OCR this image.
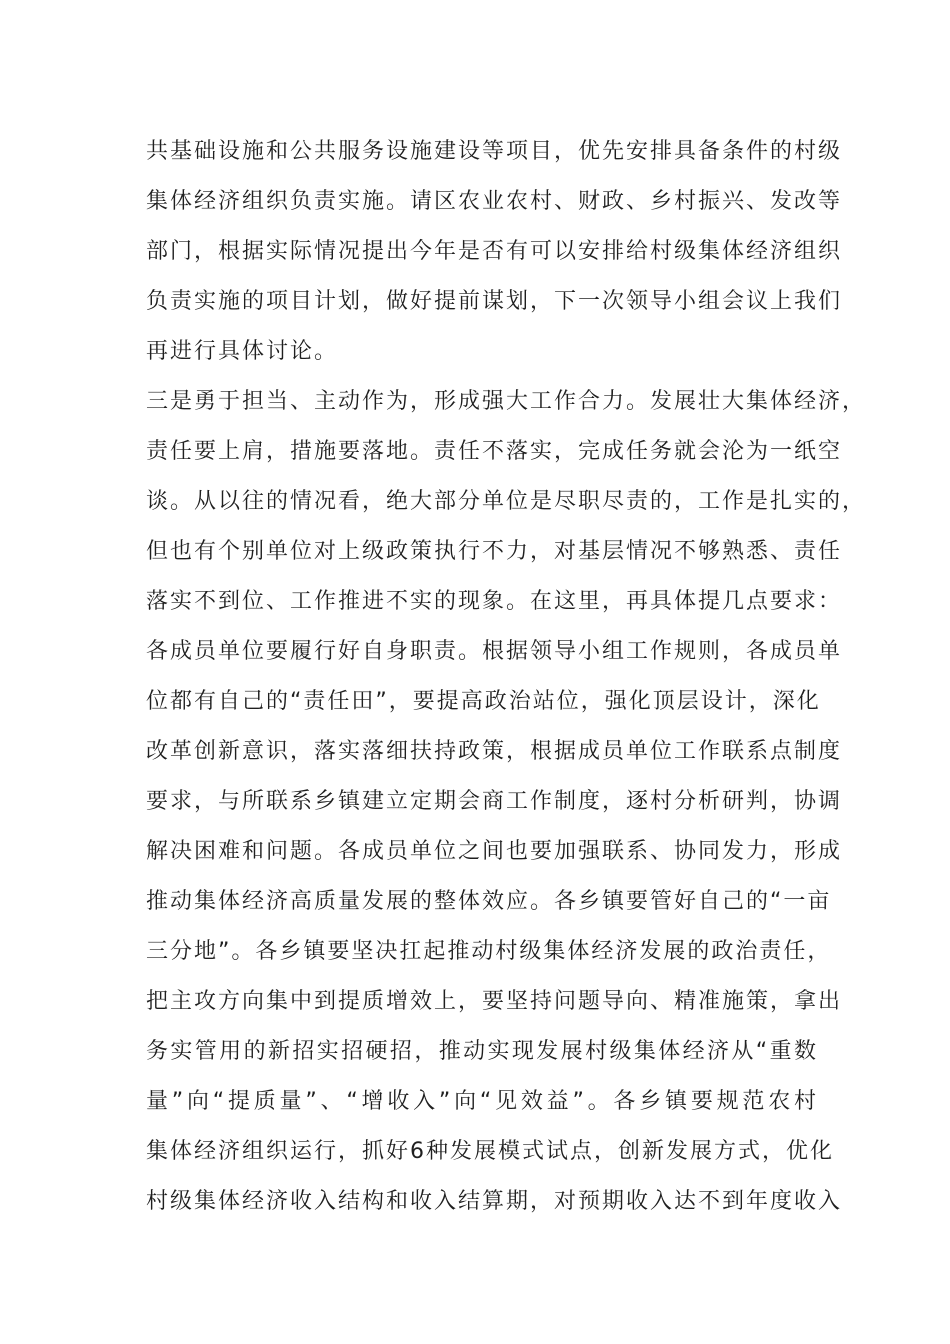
共基础设施和公共服务设施建设等项目，优先安排具备条件的村级
集体经济组织负责实施。请区农业农村、财政、乡村振兴、发改等
部门，根据实际情况提出今年是否有可以安排给村级集体经济组织
负责实施的项目计划，做好提前谋划，下一次领导小组会议上我们
再进行具体讨论。
三是勇于担当、主动作为，形成强大工作合力。发展壮大集体经济，
责任要上肩，措施要落地。责任不落实，完成任务就会沦为一纸空
谈。从以往的情况看，绝大部分单位是尽职尽责的，工作是扎实的，
但也有个别单位对上级政策执行不力，对基层情况不够熟悉、责任
落实不到位、工作推进不实的现象。在这里，再具体提几点要求：
各成员单位要履行好自身职责。根据领导小组工作规则，各成员单
位都有自己的“责任田”，要提高政治站位，强化顶层设计，深化
改革创新意识，落实落细扶持政策，根据成员单位工作联系点制度
要求，与所联系乡镇建立定期会商工作制度，逐村分析研判，协调
解决困难和问题。各成员单位之间也要加强联系、协同发力，形成
推动集体经济高质量发展的整体效应。各乡镇要管好自己的“一亩
三分地”。各乡镇要坚决扛起推动村级集体经济发展的政治责任，
把主攻方向集中到提质增效上，要坚持问题导向、精准施策，拿出
务实管用的新招实招硬招，推动实现发展村级集体经济从“重数
量”向“提质量”、“增收入”向“见效益”。各乡镇要规范农村
集体经济组织运行，抓好6种发展模式试点，创新发展方式，优化
村级集体经济收入结构和收入结算期，对预期收入达不到年度收入
